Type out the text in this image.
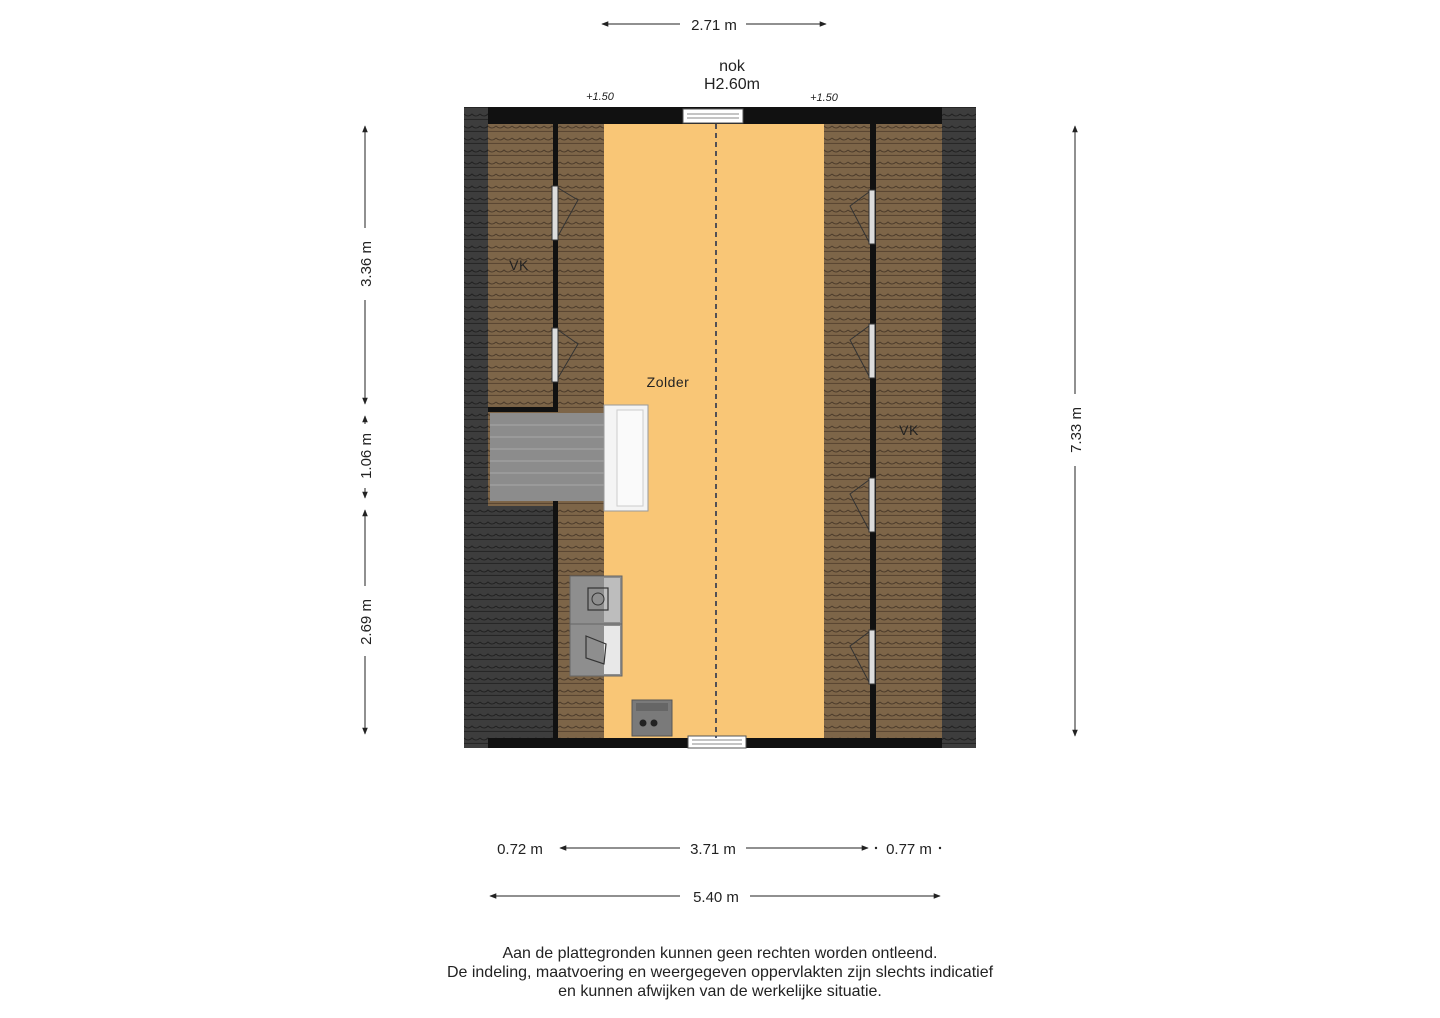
Zolder
VK
VK
nok
H2.60m
+1.50	+1.50
2.71 m
3.36 m
1.06 m
2.69 m
7.33 m
0.72 m	3.71 m	0.77 m
5.40 m
Aan de plattegronden kunnen geen rechten worden ontleend.
De indeling, maatvoering en weergegeven oppervlakten zijn slechts indicatief
en kunnen afwijken van de werkelijke situatie.
